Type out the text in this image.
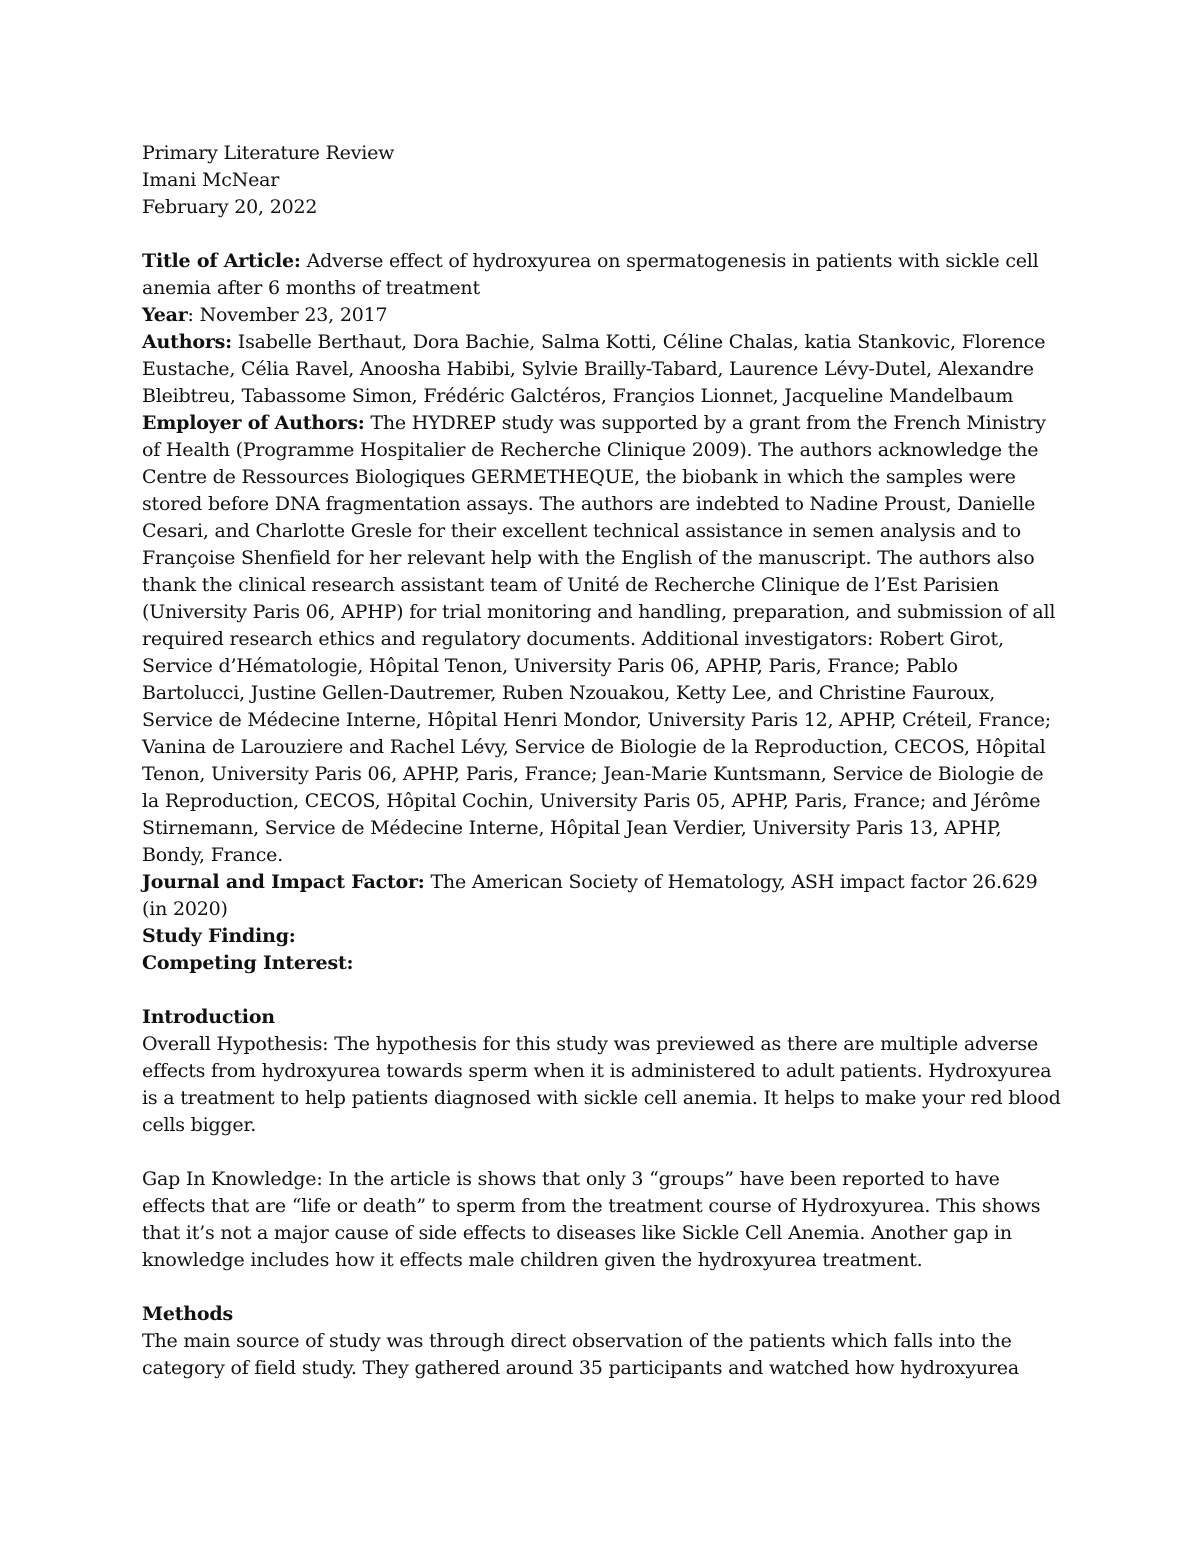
Primary Literature Review

Imani McNear

February 20, 2022

Title of Article: Adverse effect of hydroxyurea on spermatogenesis in patients with sickle cell anemia after 6 months of treatment

Year: November 23, 2017

Authors: Isabelle Berthaut, Dora Bachie, Salma Kotti, Céline Chalas, katia Stankovic, Florence Eustache, Célia Ravel, Anoosha Habibi, Sylvie Brailly-Tabard, Laurence Lévy-Dutel, Alexandre Bleibtreu, Tabassome Simon, Frédéric Galctéros, Françios Lionnet, Jacqueline Mandelbaum

Employer of Authors: The HYDREP study was supported by a grant from the French Ministry of Health (Programme Hospitalier de Recherche Clinique 2009). The authors acknowledge the Centre de Ressources Biologiques GERMETHEQUE, the biobank in which the samples were stored before DNA fragmentation assays. The authors are indebted to Nadine Proust, Danielle Cesari, and Charlotte Gresle for their excellent technical assistance in semen analysis and to Françoise Shenfield for her relevant help with the English of the manuscript. The authors also thank the clinical research assistant team of Unité de Recherche Clinique de l’Est Parisien (University Paris 06, APHP) for trial monitoring and handling, preparation, and submission of all required research ethics and regulatory documents. Additional investigators: Robert Girot, Service d’Hématologie, Hôpital Tenon, University Paris 06, APHP, Paris, France; Pablo Bartolucci, Justine Gellen-Dautremer, Ruben Nzouakou, Ketty Lee, and Christine Fauroux, Service de Médecine Interne, Hôpital Henri Mondor, University Paris 12, APHP, Créteil, France; Vanina de Larouziere and Rachel Lévy, Service de Biologie de la Reproduction, CECOS, Hôpital Tenon, University Paris 06, APHP, Paris, France; Jean-Marie Kuntsmann, Service de Biologie de la Reproduction, CECOS, Hôpital Cochin, University Paris 05, APHP, Paris, France; and Jérôme Stirnemann, Service de Médecine Interne, Hôpital Jean Verdier, University Paris 13, APHP, Bondy, France.

Journal and Impact Factor: The American Society of Hematology, ASH impact factor 26.629 (in 2020)

Study Finding:

Competing Interest:

Introduction

Overall Hypothesis: The hypothesis for this study was previewed as there are multiple adverse effects from hydroxyurea towards sperm when it is administered to adult patients. Hydroxyurea is a treatment to help patients diagnosed with sickle cell anemia. It helps to make your red blood cells bigger.

Gap In Knowledge: In the article is shows that only 3 “groups” have been reported to have effects that are “life or death” to sperm from the treatment course of Hydroxyurea. This shows that it’s not a major cause of side effects to diseases like Sickle Cell Anemia. Another gap in knowledge includes how it effects male children given the hydroxyurea treatment.

Methods

The main source of study was through direct observation of the patients which falls into the category of field study. They gathered around 35 participants and watched how hydroxyurea
